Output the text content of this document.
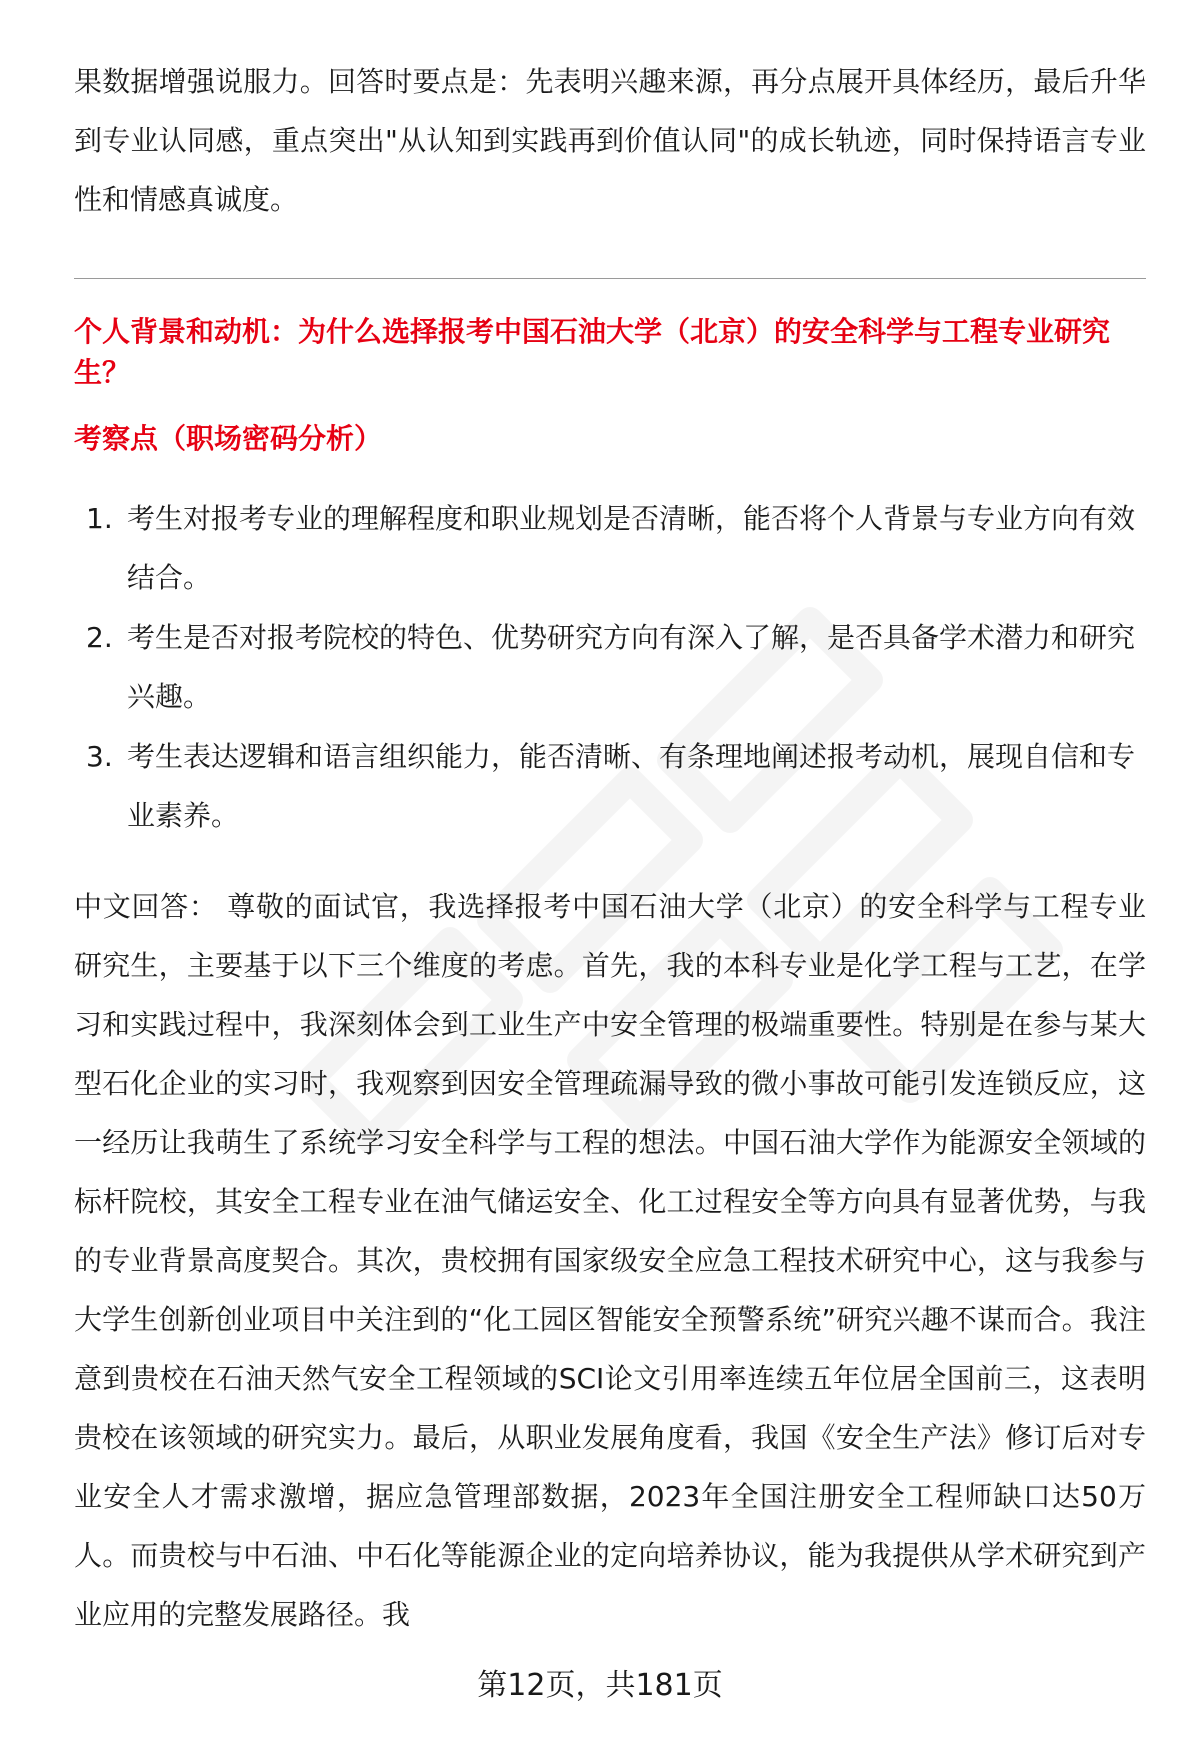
果数据增强说服力。回答时要点是：先表明兴趣来源，再分点展开具体经历，最后升华到专业认同感，重点突出"从认知到实践再到价值认同"的成长轨迹，同时保持语言专业性和情感真诚度。

个人背景和动机：为什么选择报考中国石油大学（北京）的安全科学与工程专业研究生？
考察点（职场密码分析）
1. 考生对报考专业的理解程度和职业规划是否清晰，能否将个人背景与专业方向有效结合。
2. 考生是否对报考院校的特色、优势研究方向有深入了解，是否具备学术潜力和研究兴趣。
3. 考生表达逻辑和语言组织能力，能否清晰、有条理地阐述报考动机，展现自信和专业素养。

中文回答： 尊敬的面试官，我选择报考中国石油大学（北京）的安全科学与工程专业研究生，主要基于以下三个维度的考虑。首先，我的本科专业是化学工程与工艺，在学习和实践过程中，我深刻体会到工业生产中安全管理的极端重要性。特别是在参与某大型石化企业的实习时，我观察到因安全管理疏漏导致的微小事故可能引发连锁反应，这一经历让我萌生了系统学习安全科学与工程的想法。中国石油大学作为能源安全领域的标杆院校，其安全工程专业在油气储运安全、化工过程安全等方向具有显著优势，与我的专业背景高度契合。其次，贵校拥有国家级安全应急工程技术研究中心，这与我参与大学生创新创业项目中关注到的“化工园区智能安全预警系统”研究兴趣不谋而合。我注意到贵校在石油天然气安全工程领域的SCI论文引用率连续五年位居全国前三，这表明贵校在该领域的研究实力。最后，从职业发展角度看，我国《安全生产法》修订后对专业安全人才需求激增，据应急管理部数据，2023年全国注册安全工程师缺口达50万人。而贵校与中石油、中石化等能源企业的定向培养协议，能为我提供从学术研究到产业应用的完整发展路径。我

第12页，共181页
